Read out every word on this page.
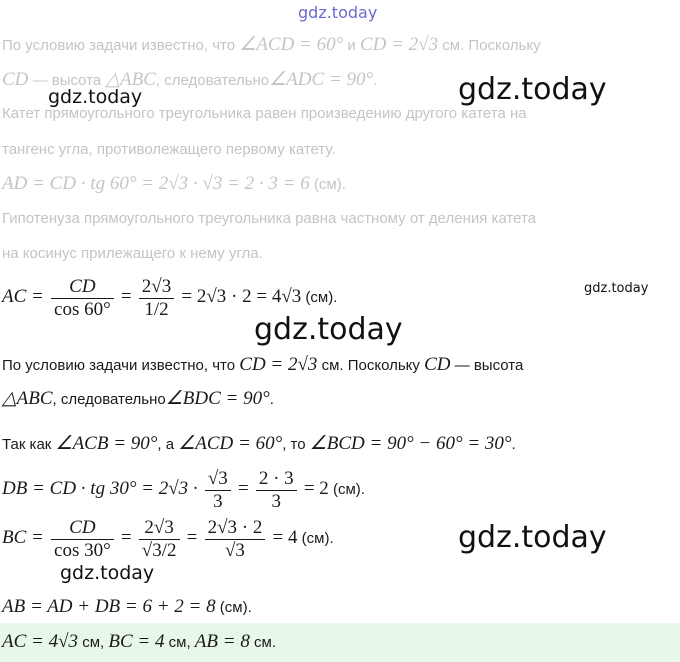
gdz.today
По условию задачи известно, что ∠ACD = 60° и CD = 2√3 см. Поскольку
CD — высота △ABC, следовательно∠ADC = 90°.
Катет прямоугольного треугольника равен произведению другого катета на
тангенс угла, противолежащего первому катету.
AD = CD · tg 60° = 2√3 · √3 = 2 · 3 = 6 (см).
Гипотенуза прямоугольного треугольника равна частному от деления катета
на косинус прилежащего к нему угла.
AC = $\frac{CD}{\cos 60^\circ} = \frac{2√3}{1/2} = 2√3 \cdot 2 = 4√3$ (см).
По условию задачи известно, что CD = 2√3 см. Поскольку CD — высота
△ABC, следовательно∠BDC = 90°.
Так как ∠ACB = 90°, а ∠ACD = 60°, то ∠BCD = 90° − 60° = 30°.
DB = CD · tg $30^\circ = 2√3 \cdot \frac{√3}{3} = \frac{2 \cdot 3}{3} = 2$ (см).
BC = $\frac{CD}{\cos 30^\circ} = \frac{2√3}{√3/2} = \frac{2√3 \cdot 2}{√3} = 4$ (см).
AB = AD + DB = 6 + 2 = 8 (см).
AC = 4√3 см, BC = 4 см, AB = 8 см.
gdz.today	gdz.today
gdz.today
gdz.today
gdz.today
gdz.today
